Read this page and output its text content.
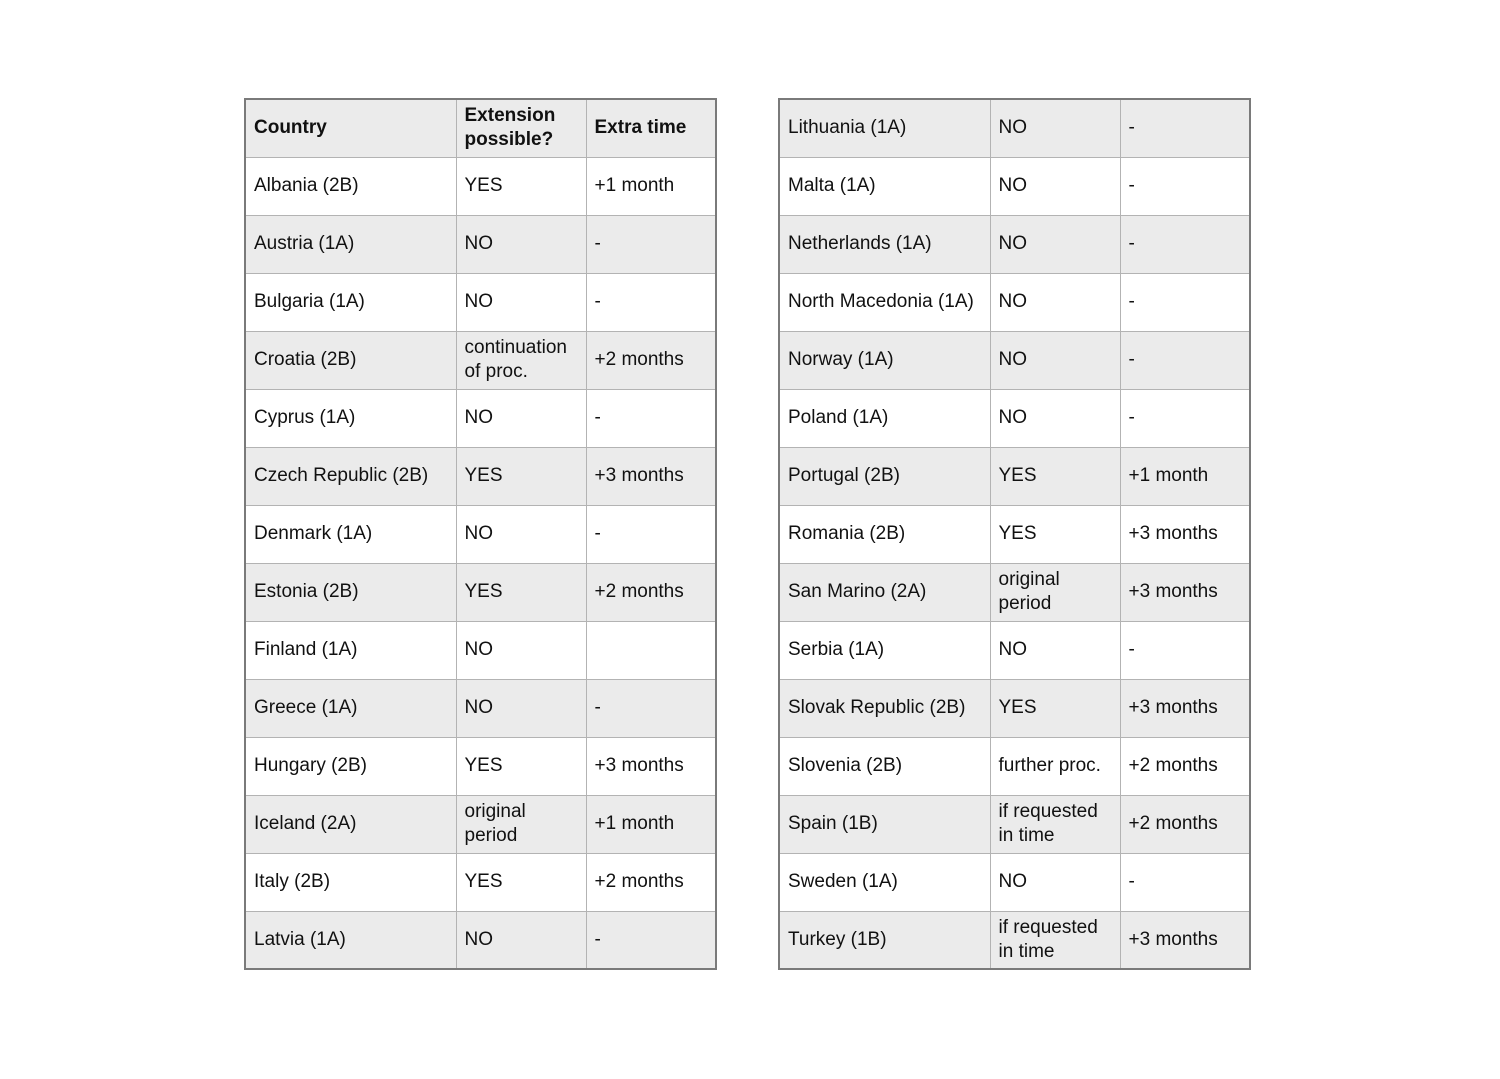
Country	Extension possible?	Extra time
Albania (2B)	YES	+1 month
Austria (1A)	NO	-
Bulgaria (1A)	NO	-
Croatia (2B)	continuation of proc.	+2 months
Cyprus (1A)	NO	-
Czech Republic (2B)	YES	+3 months
Denmark (1A)	NO	-
Estonia (2B)	YES	+2 months
Finland (1A)	NO	
Greece (1A)	NO	-
Hungary (2B)	YES	+3 months
Iceland (2A)	original period	+1 month
Italy (2B)	YES	+2 months
Latvia (1A)	NO	-
Lithuania (1A)	NO	-
Malta (1A)	NO	-
Netherlands (1A)	NO	-
North Macedonia (1A)	NO	-
Norway (1A)	NO	-
Poland (1A)	NO	-
Portugal (2B)	YES	+1 month
Romania (2B)	YES	+3 months
San Marino (2A)	original period	+3 months
Serbia (1A)	NO	-
Slovak Republic (2B)	YES	+3 months
Slovenia (2B)	further proc.	+2 months
Spain (1B)	if requested in time	+2 months
Sweden (1A)	NO	-
Turkey (1B)	if requested in time	+3 months
